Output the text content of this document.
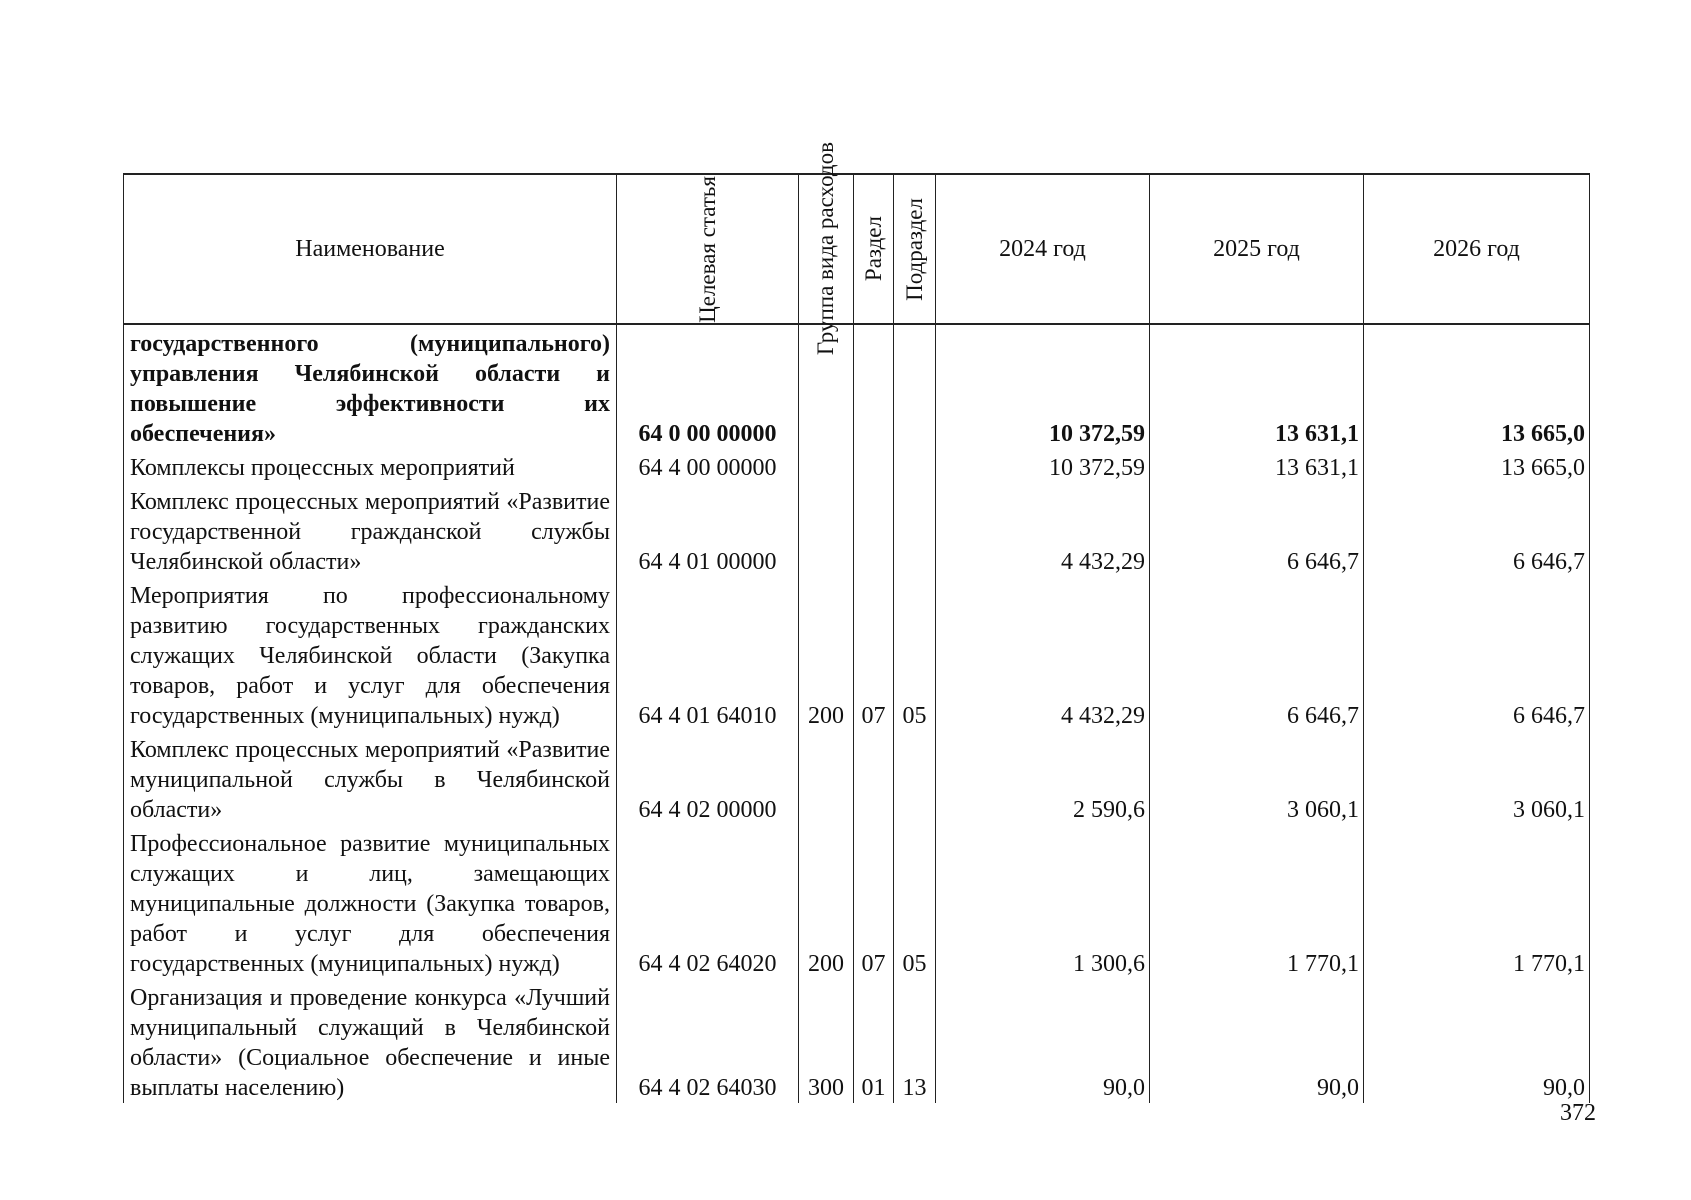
Наименование	Целевая статья	Группа вида расходов	Раздел	Подраздел	2024 год	2025 год	2026 год
государственного (муниципального) управления Челябинской области и повышение эффективности их обеспечения»	64 0 00 00000				10 372,59	13 631,1	13 665,0
Комплексы процессных мероприятий	64 4 00 00000				10 372,59	13 631,1	13 665,0
Комплекс процессных мероприятий «Развитие государственной гражданской службы Челябинской области»	64 4 01 00000				4 432,29	6 646,7	6 646,7
Мероприятия по профессиональному развитию государственных гражданских служащих Челябинской области (Закупка товаров, работ и услуг для обеспечения государственных (муниципальных) нужд)	64 4 01 64010	200	07	05	4 432,29	6 646,7	6 646,7
Комплекс процессных мероприятий «Развитие муниципальной службы в Челябинской области»	64 4 02 00000				2 590,6	3 060,1	3 060,1
Профессиональное развитие муниципальных служащих и лиц, замещающих муниципальные должности (Закупка товаров, работ и услуг для обеспечения государственных (муниципальных) нужд)	64 4 02 64020	200	07	05	1 300,6	1 770,1	1 770,1
Организация и проведение конкурса «Лучший муниципальный служащий в Челябинской области» (Социальное обеспечение и иные выплаты населению)	64 4 02 64030	300	01	13	90,0	90,0	90,0
372
